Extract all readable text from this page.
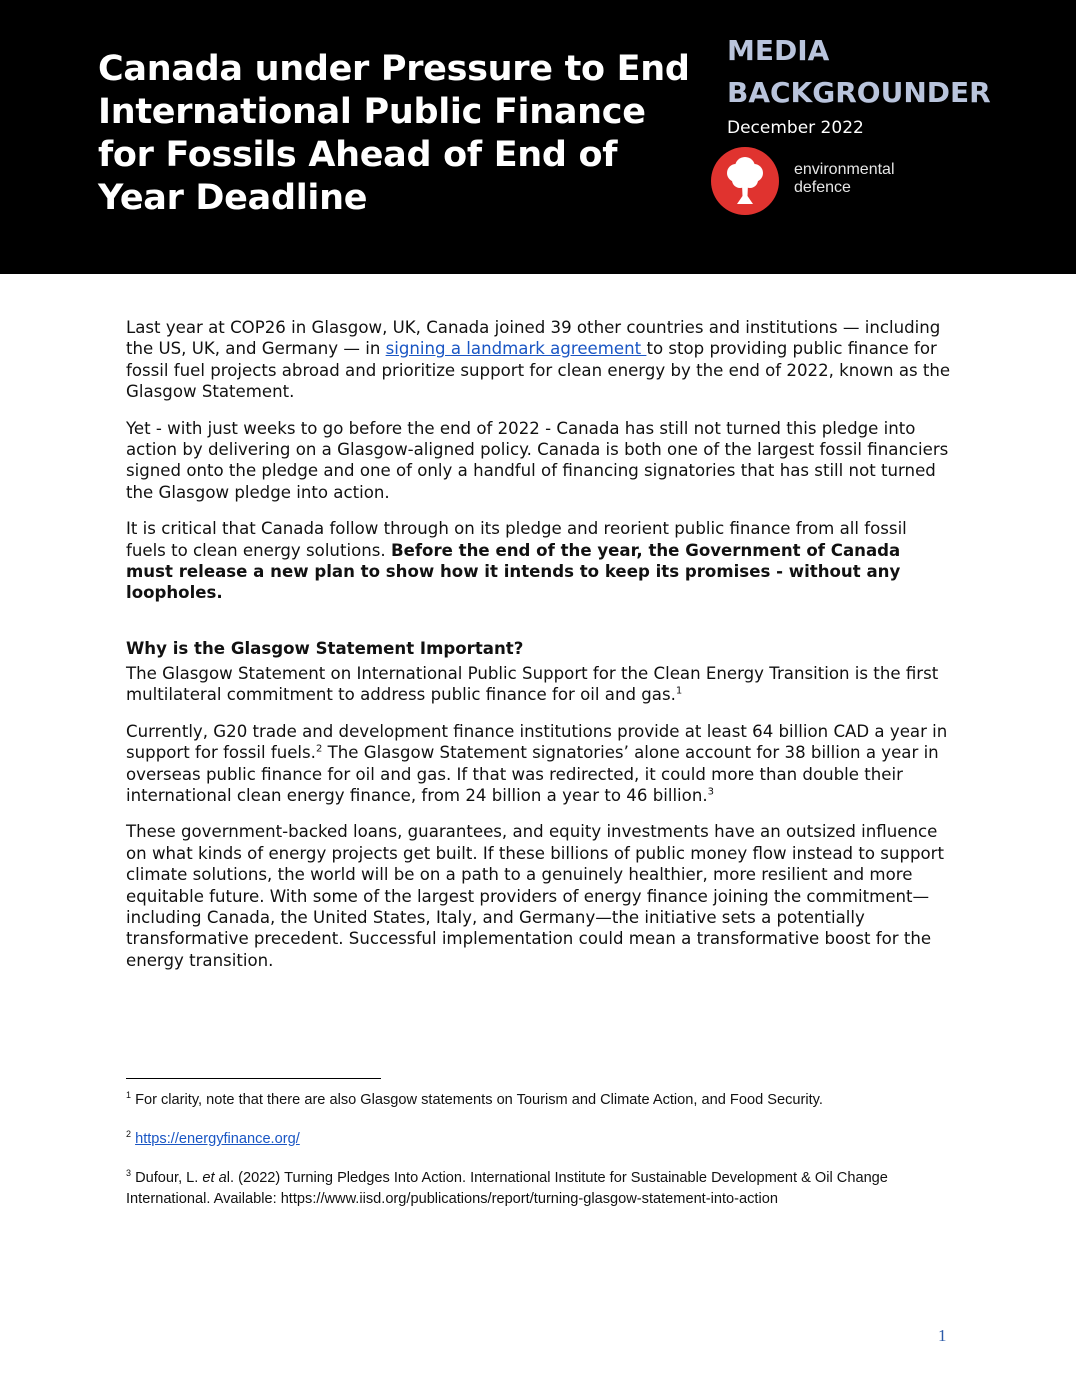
Canada under Pressure to End International Public Finance for Fossils Ahead of End of Year Deadline
MEDIA
BACKGROUNDER
December 2022
environmental
defence

Last year at COP26 in Glasgow, UK, Canada joined 39 other countries and institutions — including the US, UK, and Germany — in signing a landmark agreement to stop providing public finance for fossil fuel projects abroad and prioritize support for clean energy by the end of 2022, known as the Glasgow Statement.

Yet - with just weeks to go before the end of 2022 - Canada has still not turned this pledge into action by delivering on a Glasgow-aligned policy. Canada is both one of the largest fossil financiers signed onto the pledge and one of only a handful of financing signatories that has still not turned the Glasgow pledge into action.

It is critical that Canada follow through on its pledge and reorient public finance from all fossil fuels to clean energy solutions. Before the end of the year, the Government of Canada must release a new plan to show how it intends to keep its promises - without any loopholes.

Why is the Glasgow Statement Important?

The Glasgow Statement on International Public Support for the Clean Energy Transition is the first multilateral commitment to address public finance for oil and gas.$^1$

Currently, G20 trade and development finance institutions provide at least 64 billion CAD a year in support for fossil fuels.$^2$ The Glasgow Statement signatories’ alone account for 38 billion a year in overseas public finance for oil and gas. If that was redirected, it could more than double their international clean energy finance, from 24 billion a year to 46 billion.$^3$

These government-backed loans, guarantees, and equity investments have an outsized influence on what kinds of energy projects get built. If these billions of public money flow instead to support climate solutions, the world will be on a path to a genuinely healthier, more resilient and more equitable future. With some of the largest providers of energy finance joining the commitment—including Canada, the United States, Italy, and Germany—the initiative sets a potentially transformative precedent. Successful implementation could mean a transformative boost for the energy transition.

$^1$ For clarity, note that there are also Glasgow statements on Tourism and Climate Action, and Food Security.

$^2$ https://energyfinance.org/

$^3$ Dufour, L. et al. (2022) Turning Pledges Into Action. International Institute for Sustainable Development & Oil Change International. Available: https://www.iisd.org/publications/report/turning-glasgow-statement-into-action

1
